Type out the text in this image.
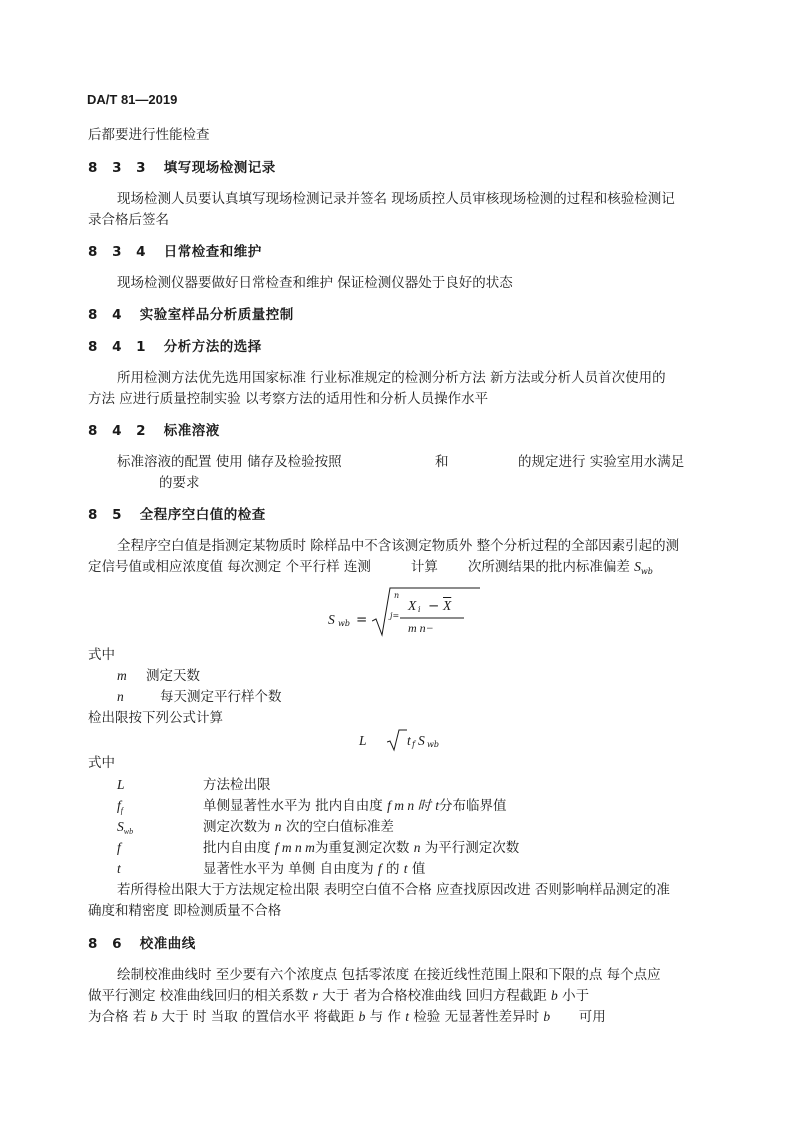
DA/T 81—2019
后都要进行性能检查
8 3 3 填写现场检测记录
现场检测人员要认真填写现场检测记录并签名 现场质控人员审核现场检测的过程和核验检测记
录合格后签名
8 3 4 日常检查和维护
现场检测仪器要做好日常检查和维护 保证检测仪器处于良好的状态
8 4 实验室样品分析质量控制
8 4 1 分析方法的选择
所用检测方法优先选用国家标准 行业标准规定的检测分析方法 新方法或分析人员首次使用的
方法 应进行质量控制实验 以考察方法的适用性和分析人员操作水平
8 4 2 标准溶液
标准溶液的配置 使用 储存及检验按照	和	的规定进行 实验室用水满足
的要求
8 5 全程序空白值的检查
全程序空白值是指测定某物质时 除样品中不含该测定物质外 整个分析过程的全部因素引起的测
定信号值或相应浓度值 每次测定 个平行样 连测	计算 次所测结果的批内标准偏差 $S_{wb}$
S wb =
n
j=
X $i - \overline{X}$
m n−
式中
m 测定天数
n	每天测定平行样个数
检出限按下列公式计算
L	t f S wb
式中
L	方法检出限
$f_f$	单侧显著性水平为 批内自由度 f m n 时 t分布临界值
$S_{wb}$	测定次数为 n 次的空白值标准差
f	批内自由度 f m n m为重复测定次数 n 为平行测定次数
t	显著性水平为 单侧 自由度为 f 的 t 值
若所得检出限大于方法规定检出限 表明空白值不合格 应查找原因改进 否则影响样品测定的准
确度和精密度 即检测质量不合格
8 6 校准曲线
绘制校准曲线时 至少要有六个浓度点 包括零浓度 在接近线性范围上限和下限的点 每个点应
做平行测定 校准曲线回归的相关系数 r 大于 者为合格校准曲线 回归方程截距 b 小于
为合格 若 b 大于 时 当取 的置信水平 将截距 b 与 作 t 检验 无显著性差异时 b 可用
